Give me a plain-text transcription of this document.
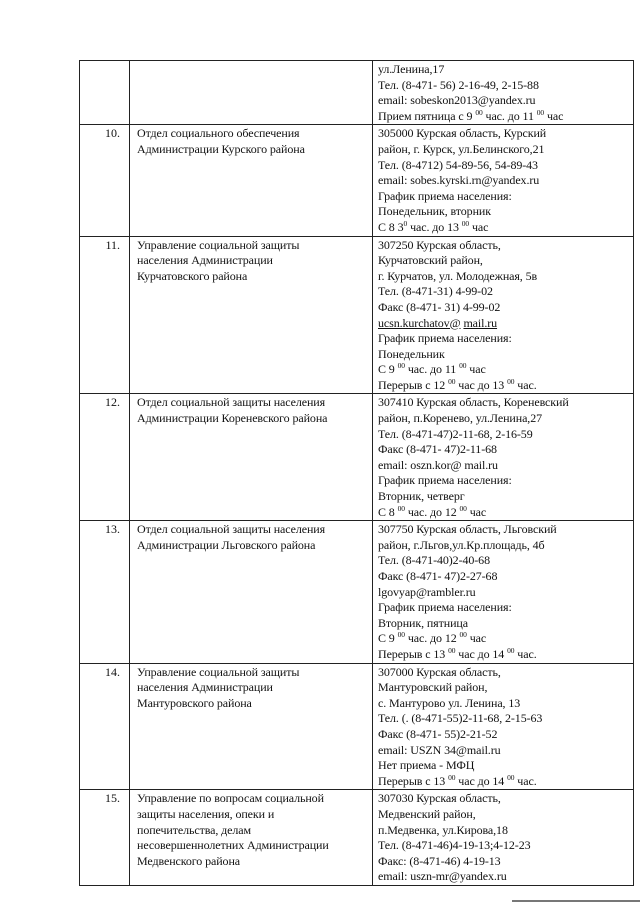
ул.Ленина,17
Тел. (8-471- 56) 2-16-49, 2-15-88
email: sobeskon2013@yandex.ru
Прием пятница с 9 $^{00}$ час. до 11 $^{00}$ час
10. Отдел социального обеспечения
Администрации Курского района
305000 Курская область, Курский
район, г. Курск, ул.Белинского,21
Тел. (8-4712) 54-89-56, 54-89-43
email: sobes.kyrski.rn@yandex.ru
График приема населения:
Понедельник, вторник
С 8 $3^0$ час. до 13 $^{00}$ час
11. Управление социальной защиты
населения Администрации
Курчатовского района
307250 Курская область,
Курчатовский район,
г. Курчатов, ул. Молодежная, 5в
Тел. (8-471-31) 4-99-02
Факс (8-471- 31) 4-99-02
ucsn.kurchatov@ mail.ru
График приема населения:
Понедельник
С 9 $^{00}$ час. до 11 $^{00}$ час
Перерыв с 12 $^{00}$ час до 13 $^{00}$ час.
12. Отдел социальной защиты населения
Администрации Кореневского района
307410 Курская область, Кореневский
район, п.Коренево, ул.Ленина,27
Тел. (8-471-47)2-11-68, 2-16-59
Факс (8-471- 47)2-11-68
email: oszn.kor@ mail.ru
График приема населения:
Вторник, четверг
С 8 $^{00}$ час. до 12 $^{00}$ час
13. Отдел социальной защиты населения
Администрации Льговского района
307750 Курская область, Льговский
район, г.Льгов,ул.Кр.площадь, 4б
Тел. (8-471-40)2-40-68
Факс (8-471- 47)2-27-68
lgovyap@rambler.ru
График приема населения:
Вторник, пятница
С 9 $^{00}$ час. до 12 $^{00}$ час
Перерыв с 13 $^{00}$ час до 14 $^{00}$ час.
14. Управление социальной защиты
населения Администрации
Мантуровского района
307000 Курская область,
Мантуровский район,
с. Мантурово ул. Ленина, 13
Тел. (. (8-471-55)2-11-68, 2-15-63
Факс (8-471- 55)2-21-52
email: USZN 34@mail.ru
Нет приема - МФЦ
Перерыв с 13 $^{00}$ час до 14 $^{00}$ час.
15. Управление по вопросам социальной
защиты населения, опеки и
попечительства, делам
несовершеннолетних Администрации
Медвенского района
307030 Курская область,
Медвенский район,
п.Медвенка, ул.Кирова,18
Тел. (8-471-46)4-19-13;4-12-23
Факс: (8-471-46) 4-19-13
email: uszn-mr@yandex.ru
